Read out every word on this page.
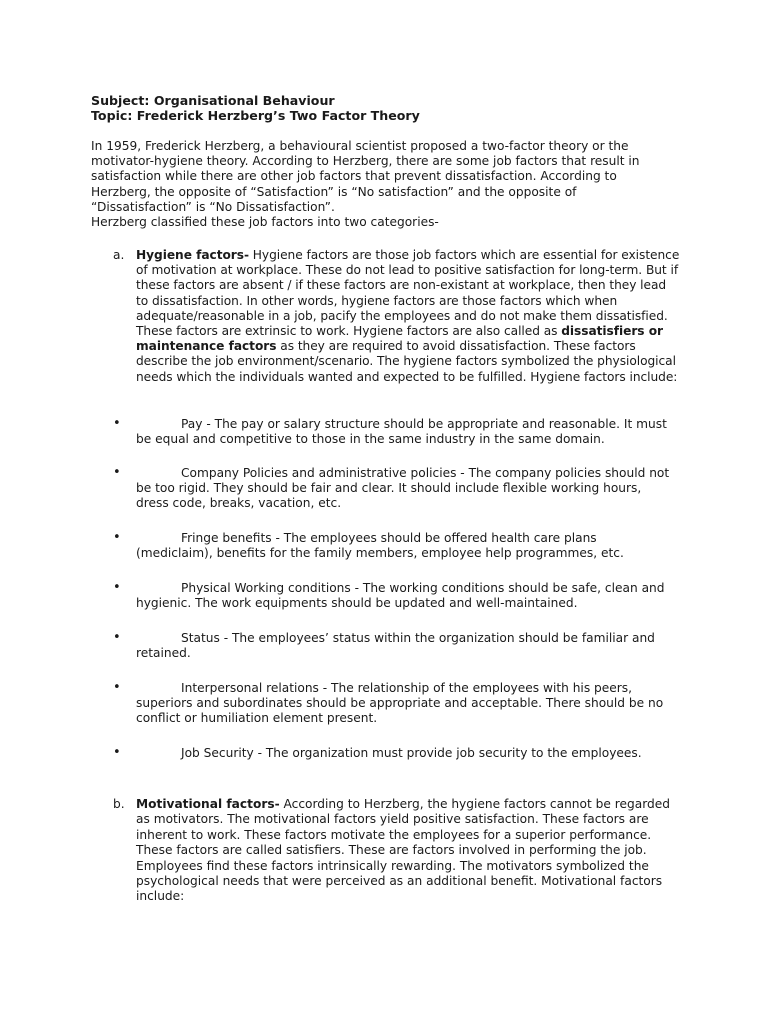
Subject: Organisational Behaviour
Topic: Frederick Herzberg’s Two Factor Theory
In 1959, Frederick Herzberg, a behavioural scientist proposed a two-factor theory or the motivator-hygiene theory. According to Herzberg, there are some job factors that result in satisfaction while there are other job factors that prevent dissatisfaction. According to Herzberg, the opposite of “Satisfaction” is “No satisfaction” and the opposite of “Dissatisfaction” is “No Dissatisfaction”.
Herzberg classified these job factors into two categories-
a. Hygiene factors- Hygiene factors are those job factors which are essential for existence of motivation at workplace. These do not lead to positive satisfaction for long-term. But if these factors are absent / if these factors are non-existant at workplace, then they lead to dissatisfaction. In other words, hygiene factors are those factors which when adequate/reasonable in a job, pacify the employees and do not make them dissatisfied. These factors are extrinsic to work. Hygiene factors are also called as dissatisfiers or maintenance factors as they are required to avoid dissatisfaction. These factors describe the job environment/scenario. The hygiene factors symbolized the physiological needs which the individuals wanted and expected to be fulfilled. Hygiene factors include:
•	Pay - The pay or salary structure should be appropriate and reasonable. It must be equal and competitive to those in the same industry in the same domain.
•	Company Policies and administrative policies - The company policies should not be too rigid. They should be fair and clear. It should include flexible working hours, dress code, breaks, vacation, etc.
•	Fringe benefits - The employees should be offered health care plans (mediclaim), benefits for the family members, employee help programmes, etc.
•	Physical Working conditions - The working conditions should be safe, clean and hygienic. The work equipments should be updated and well-maintained.
•	Status - The employees’ status within the organization should be familiar and retained.
•	Interpersonal relations - The relationship of the employees with his peers, superiors and subordinates should be appropriate and acceptable. There should be no conflict or humiliation element present.
•	Job Security - The organization must provide job security to the employees.
b. Motivational factors- According to Herzberg, the hygiene factors cannot be regarded as motivators. The motivational factors yield positive satisfaction. These factors are inherent to work. These factors motivate the employees for a superior performance. These factors are called satisfiers. These are factors involved in performing the job. Employees find these factors intrinsically rewarding. The motivators symbolized the psychological needs that were perceived as an additional benefit. Motivational factors include:
